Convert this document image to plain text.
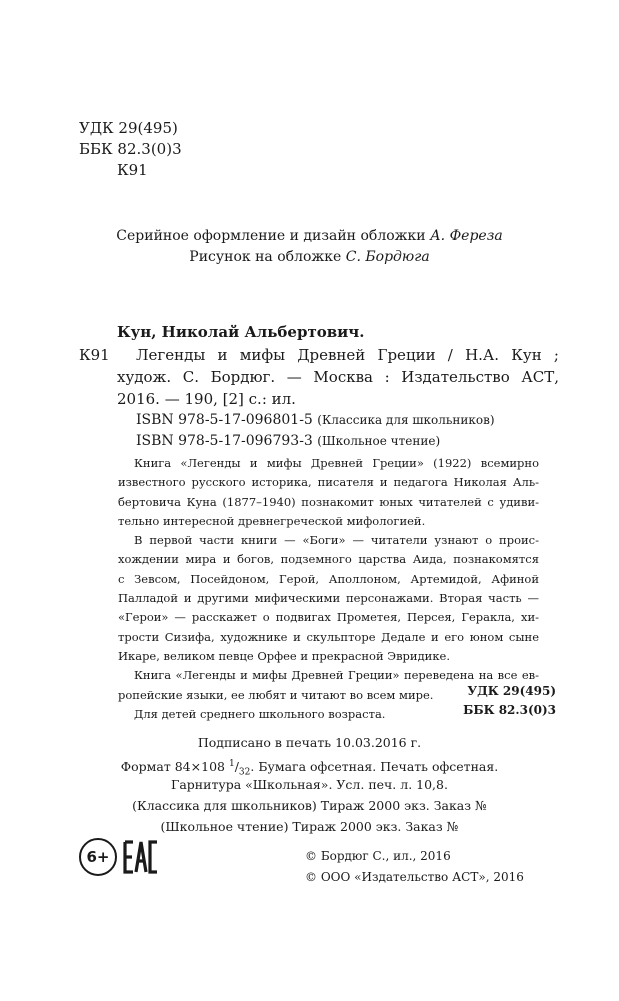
УДК 29(495)
ББК 82.3(0)3
К91
Серийное оформление и дизайн обложки А. Фереза
Рисунок на обложке С. Бордюга
Кун, Николай Альбертович.
К91 Легенды и мифы Древней Греции / Н.А. Кун ;
худож. С. Бордюг. — Москва : Издательство АСТ,
2016. — 190, [2] с.: ил.
ISBN 978-5-17-096801-5 (Классика для школьников)
ISBN 978-5-17-096793-3 (Школьное чтение)
Книга «Легенды и мифы Древней Греции» (1922) всемирно
известного русского историка, писателя и педагога Николая Аль-
бертовича Куна (1877–1940) познакомит юных читателей с удиви-
тельно интересной древнегреческой мифологией.
В первой части книги — «Боги» — читатели узнают о проис-
хождении мира и богов, подземного царства Аида, познакомятся
с Зевсом, Посейдоном, Герой, Аполлоном, Артемидой, Афиной
Палладой и другими мифическими персонажами. Вторая часть —
«Герои» — расскажет о подвигах Прометея, Персея, Геракла, хи-
трости Сизифа, художнике и скульпторе Дедале и его юном сыне
Икаре, великом певце Орфее и прекрасной Эвридике.
Книга «Легенды и мифы Древней Греции» переведена на все ев-
ропейские языки, ее любят и читают во всем мире.
Для детей среднего школьного возраста.
УДК 29(495)
ББК 82.3(0)3
Подписано в печать 10.03.2016 г.
Формат 84×108 $^1/_{32}$. Бумага офсетная. Печать офсетная.
Гарнитура «Школьная». Усл. печ. л. 10,8.
(Классика для школьников) Тираж 2000 экз. Заказ №
(Школьное чтение) Тираж 2000 экз. Заказ №
6+	© Бордюг С., ил., 2016
© ООО «Издательство АСТ», 2016
